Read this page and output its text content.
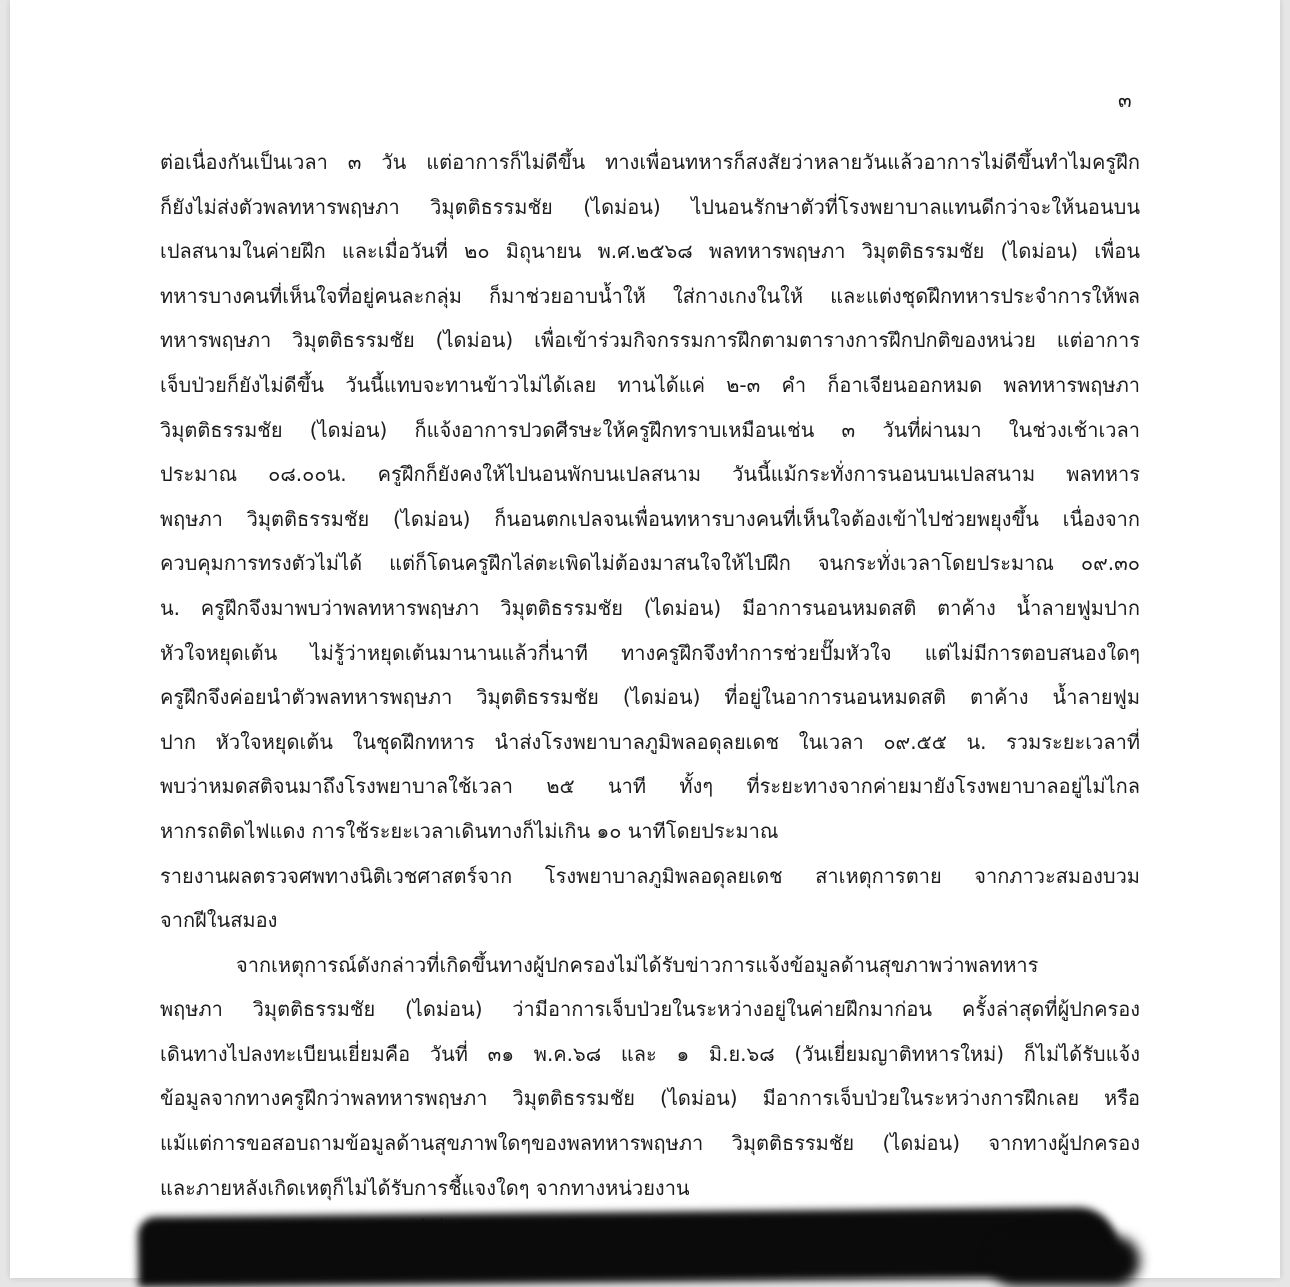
๓
ต่อเนื่องกันเป็นเวลา ๓ วัน แต่อาการก็ไม่ดีขึ้น ทางเพื่อนทหารก็สงสัยว่าหลายวันแล้วอาการไม่ดีขึ้นทำไมครูฝึก
ก็ยังไม่ส่งตัวพลทหารพฤษภา วิมุตติธรรมชัย (ไดม่อน) ไปนอนรักษาตัวที่โรงพยาบาลแทนดีกว่าจะให้นอนบน
เปลสนามในค่ายฝึก และเมื่อวันที่ ๒๐ มิถุนายน พ.ศ.๒๕๖๘ พลทหารพฤษภา วิมุตติธรรมชัย (ไดม่อน) เพื่อน
ทหารบางคนที่เห็นใจที่อยู่คนละกลุ่ม ก็มาช่วยอาบน้ำให้ ใส่กางเกงในให้ และแต่งชุดฝึกทหารประจำการให้พล
ทหารพฤษภา วิมุตติธรรมชัย (ไดม่อน) เพื่อเข้าร่วมกิจกรรมการฝึกตามตารางการฝึกปกติของหน่วย แต่อาการ
เจ็บป่วยก็ยังไม่ดีขึ้น วันนี้แทบจะทานข้าวไม่ได้เลย ทานได้แค่ ๒-๓ คำ ก็อาเจียนออกหมด พลทหารพฤษภา
วิมุตติธรรมชัย (ไดม่อน) ก็แจ้งอาการปวดศีรษะให้ครูฝึกทราบเหมือนเช่น ๓ วันที่ผ่านมา ในช่วงเช้าเวลา
ประมาณ ๐๘.๐๐น. ครูฝึกก็ยังคงให้ไปนอนพักบนเปลสนาม วันนี้แม้กระทั่งการนอนบนเปลสนาม พลทหาร
พฤษภา วิมุตติธรรมชัย (ไดม่อน) ก็นอนตกเปลจนเพื่อนทหารบางคนที่เห็นใจต้องเข้าไปช่วยพยุงขึ้น เนื่องจาก
ควบคุมการทรงตัวไม่ได้ แต่ก็โดนครูฝึกไล่ตะเพิดไม่ต้องมาสนใจให้ไปฝึก จนกระทั่งเวลาโดยประมาณ ๐๙.๓๐
น. ครูฝึกจึงมาพบว่าพลทหารพฤษภา วิมุตติธรรมชัย (ไดม่อน) มีอาการนอนหมดสติ ตาค้าง น้ำลายฟูมปาก
หัวใจหยุดเต้น ไม่รู้ว่าหยุดเต้นมานานแล้วกี่นาที ทางครูฝึกจึงทำการช่วยปั๊มหัวใจ แต่ไม่มีการตอบสนองใดๆ
ครูฝึกจึงค่อยนำตัวพลทหารพฤษภา วิมุตติธรรมชัย (ไดม่อน) ที่อยู่ในอาการนอนหมดสติ ตาค้าง น้ำลายฟูม
ปาก หัวใจหยุดเต้น ในชุดฝึกทหาร นำส่งโรงพยาบาลภูมิพลอดุลยเดช ในเวลา ๐๙.๕๕ น. รวมระยะเวลาที่
พบว่าหมดสติจนมาถึงโรงพยาบาลใช้เวลา ๒๕ นาที ทั้งๆ ที่ระยะทางจากค่ายมายังโรงพยาบาลอยู่ไม่ไกล
หากรถติดไฟแดง การใช้ระยะเวลาเดินทางก็ไม่เกิน ๑๐ นาทีโดยประมาณ
รายงานผลตรวจศพทางนิติเวชศาสตร์จาก โรงพยาบาลภูมิพลอดุลยเดช สาเหตุการตาย จากภาวะสมองบวม
จากฝีในสมอง
จากเหตุการณ์ดังกล่าวที่เกิดขึ้นทางผู้ปกครองไม่ได้รับข่าวการแจ้งข้อมูลด้านสุขภาพว่าพลทหาร
พฤษภา วิมุตติธรรมชัย (ไดม่อน) ว่ามีอาการเจ็บป่วยในระหว่างอยู่ในค่ายฝึกมาก่อน ครั้งล่าสุดที่ผู้ปกครอง
เดินทางไปลงทะเบียนเยี่ยมคือ วันที่ ๓๑ พ.ค.๖๘ และ ๑ มิ.ย.๖๘ (วันเยี่ยมญาติทหารใหม่) ก็ไม่ได้รับแจ้ง
ข้อมูลจากทางครูฝึกว่าพลทหารพฤษภา วิมุตติธรรมชัย (ไดม่อน) มีอาการเจ็บป่วยในระหว่างการฝึกเลย หรือ
แม้แต่การขอสอบถามข้อมูลด้านสุขภาพใดๆของพลทหารพฤษภา วิมุตติธรรมชัย (ไดม่อน) จากทางผู้ปกครอง
และภายหลังเกิดเหตุก็ไม่ได้รับการชี้แจงใดๆ จากทางหน่วยงาน
